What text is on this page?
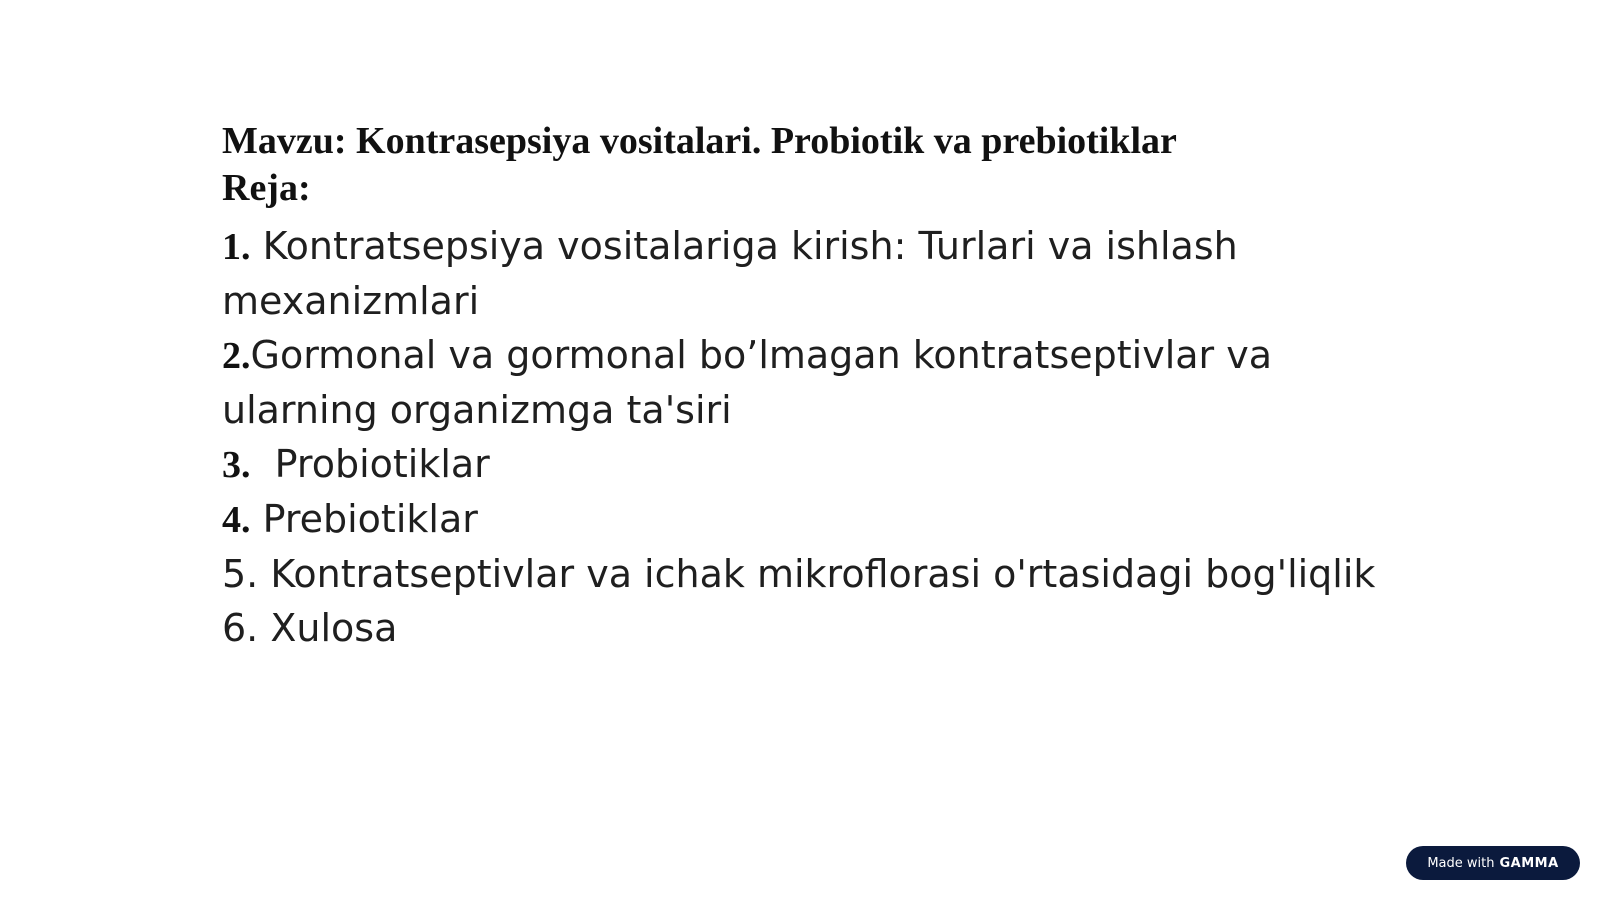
Mavzu: Kontrasepsiya vositalari. Probiotik va prebiotiklar
Reja:
1. Kontratsepsiya vositalariga kirish: Turlari va ishlash mexanizmlari
2.Gormonal va gormonal bo’lmagan kontratseptivlar va ularning organizmga ta'siri
3.  Probiotiklar
4. Prebiotiklar
5. Kontratseptivlar va ichak mikroflorasi o'rtasidagi bog'liqlik
6. Xulosa
Made with GAMMA
